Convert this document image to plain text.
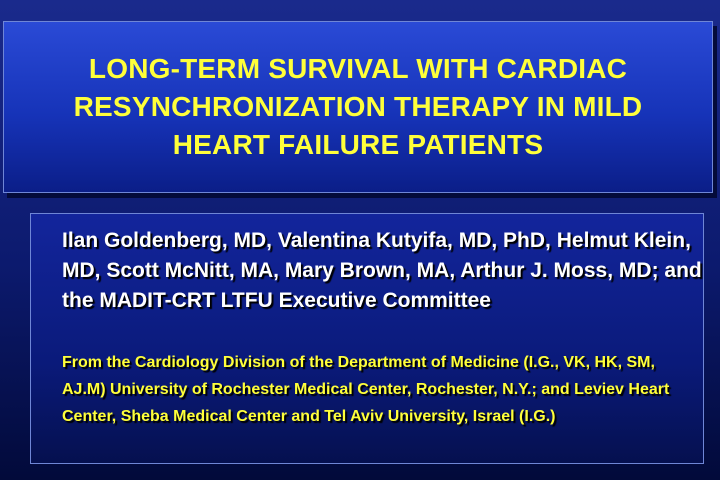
LONG-TERM SURVIVAL WITH CARDIAC RESYNCHRONIZATION THERAPY IN MILD HEART FAILURE PATIENTS
Ilan Goldenberg, MD, Valentina Kutyifa, MD, PhD, Helmut Klein, MD, Scott McNitt, MA, Mary Brown, MA, Arthur J. Moss, MD; and the MADIT-CRT LTFU Executive Committee
From the Cardiology Division of the Department of Medicine (I.G., VK, HK, SM, AJ.M) University of Rochester Medical Center, Rochester, N.Y.; and Leviev Heart Center, Sheba Medical Center and Tel Aviv University, Israel (I.G.)
